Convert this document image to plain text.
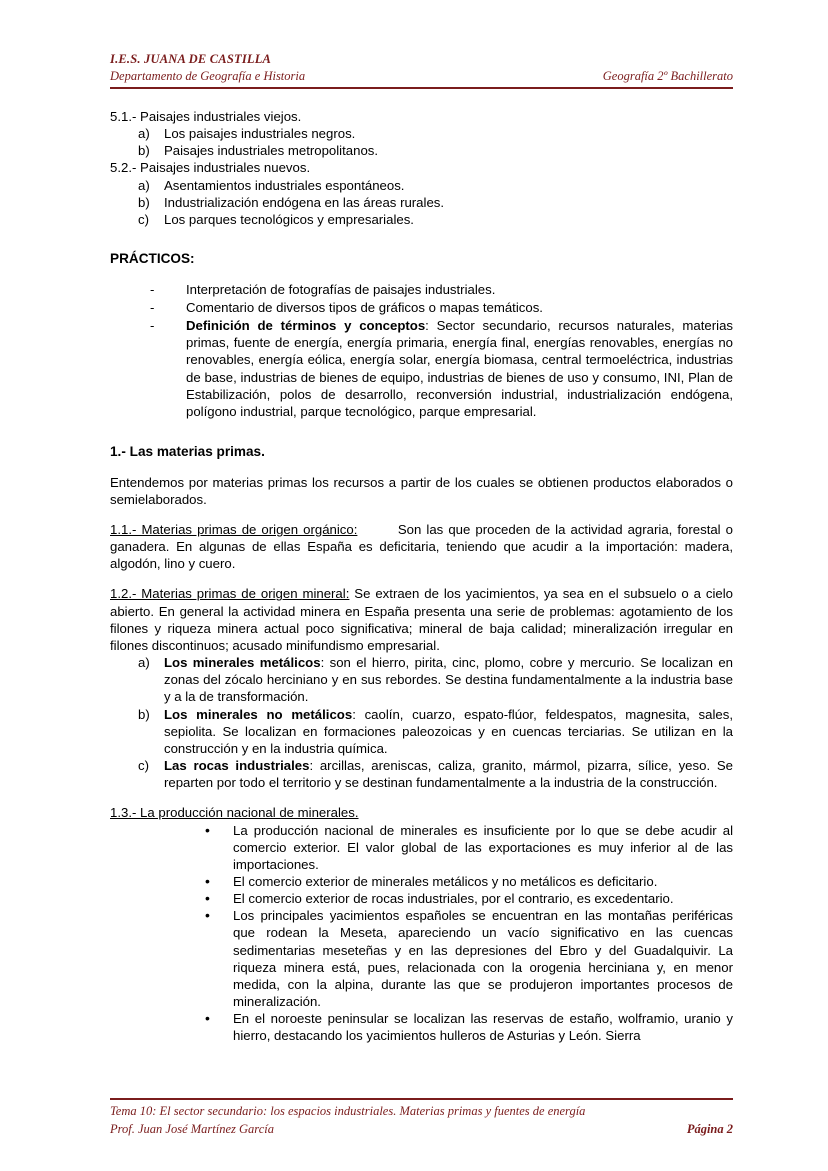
I.E.S. JUANA DE CASTILLA
Departamento de Geografía e Historia	Geografía 2º Bachillerato

5.1.- Paisajes industriales viejos.

a)	Los paisajes industriales negros.
b)	Paisajes industriales metropolitanos.

5.2.- Paisajes industriales nuevos.

a)	Asentamientos industriales espontáneos.
b)	Industrialización endógena en las áreas rurales.
c)	Los parques tecnológicos y empresariales.

PRÁCTICOS:

-	Interpretación de fotografías de paisajes industriales.
-	Comentario de diversos tipos de gráficos o mapas temáticos.
-	Definición de términos y conceptos: Sector secundario, recursos naturales, materias primas, fuente de energía, energía primaria, energía final, energías renovables, energías no renovables, energía eólica, energía solar, energía biomasa, central termoeléctrica, industrias de base, industrias de bienes de equipo, industrias de bienes de uso y consumo, INI, Plan de Estabilización, polos de desarrollo, reconversión industrial, industrialización endógena, polígono industrial, parque tecnológico, parque empresarial.

1.- Las materias primas.

Entendemos por materias primas los recursos a partir de los cuales se obtienen productos elaborados o semielaborados.

1.1.- Materias primas de origen orgánico:	Son las que proceden de la actividad agraria, forestal o ganadera. En algunas de ellas España es deficitaria, teniendo que acudir a la importación: madera, algodón, lino y cuero.

1.2.- Materias primas de origen mineral: Se extraen de los yacimientos, ya sea en el subsuelo o a cielo abierto. En general la actividad minera en España presenta una serie de problemas: agotamiento de los filones y riqueza minera actual poco significativa; mineral de baja calidad; mineralización irregular en filones discontinuos; acusado minifundismo empresarial.

a)	Los minerales metálicos: son el hierro, pirita, cinc, plomo, cobre y mercurio. Se localizan en zonas del zócalo herciniano y en sus rebordes. Se destina fundamentalmente a la industria base y a la de transformación.
b)	Los minerales no metálicos: caolín, cuarzo, espato-flúor, feldespatos, magnesita, sales, sepiolita. Se localizan en formaciones paleozoicas y en cuencas terciarias. Se utilizan en la construcción y en la industria química.
c)	Las rocas industriales: arcillas, areniscas, caliza, granito, mármol, pizarra, sílice, yeso. Se reparten por todo el territorio y se destinan fundamentalmente a la industria de la construcción.

1.3.- La producción nacional de minerales.

•	La producción nacional de minerales es insuficiente por lo que se debe acudir al comercio exterior. El valor global de las exportaciones es muy inferior al de las importaciones.
•	El comercio exterior de minerales metálicos y no metálicos es deficitario.
•	El comercio exterior de rocas industriales, por el contrario, es excedentario.
•	Los principales yacimientos españoles se encuentran en las montañas periféricas que rodean la Meseta, apareciendo un vacío significativo en las cuencas sedimentarias meseteñas y en las depresiones del Ebro y del Guadalquivir. La riqueza minera está, pues, relacionada con la orogenia herciniana y, en menor medida, con la alpina, durante las que se produjeron importantes procesos de mineralización.
•	En el noroeste peninsular se localizan las reservas de estaño, wolframio, uranio y hierro, destacando los yacimientos hulleros de Asturias y León. Sierra
Tema 10: El sector secundario: los espacios industriales. Materias primas y fuentes de energía
Prof. Juan José Martínez García	Página 2
